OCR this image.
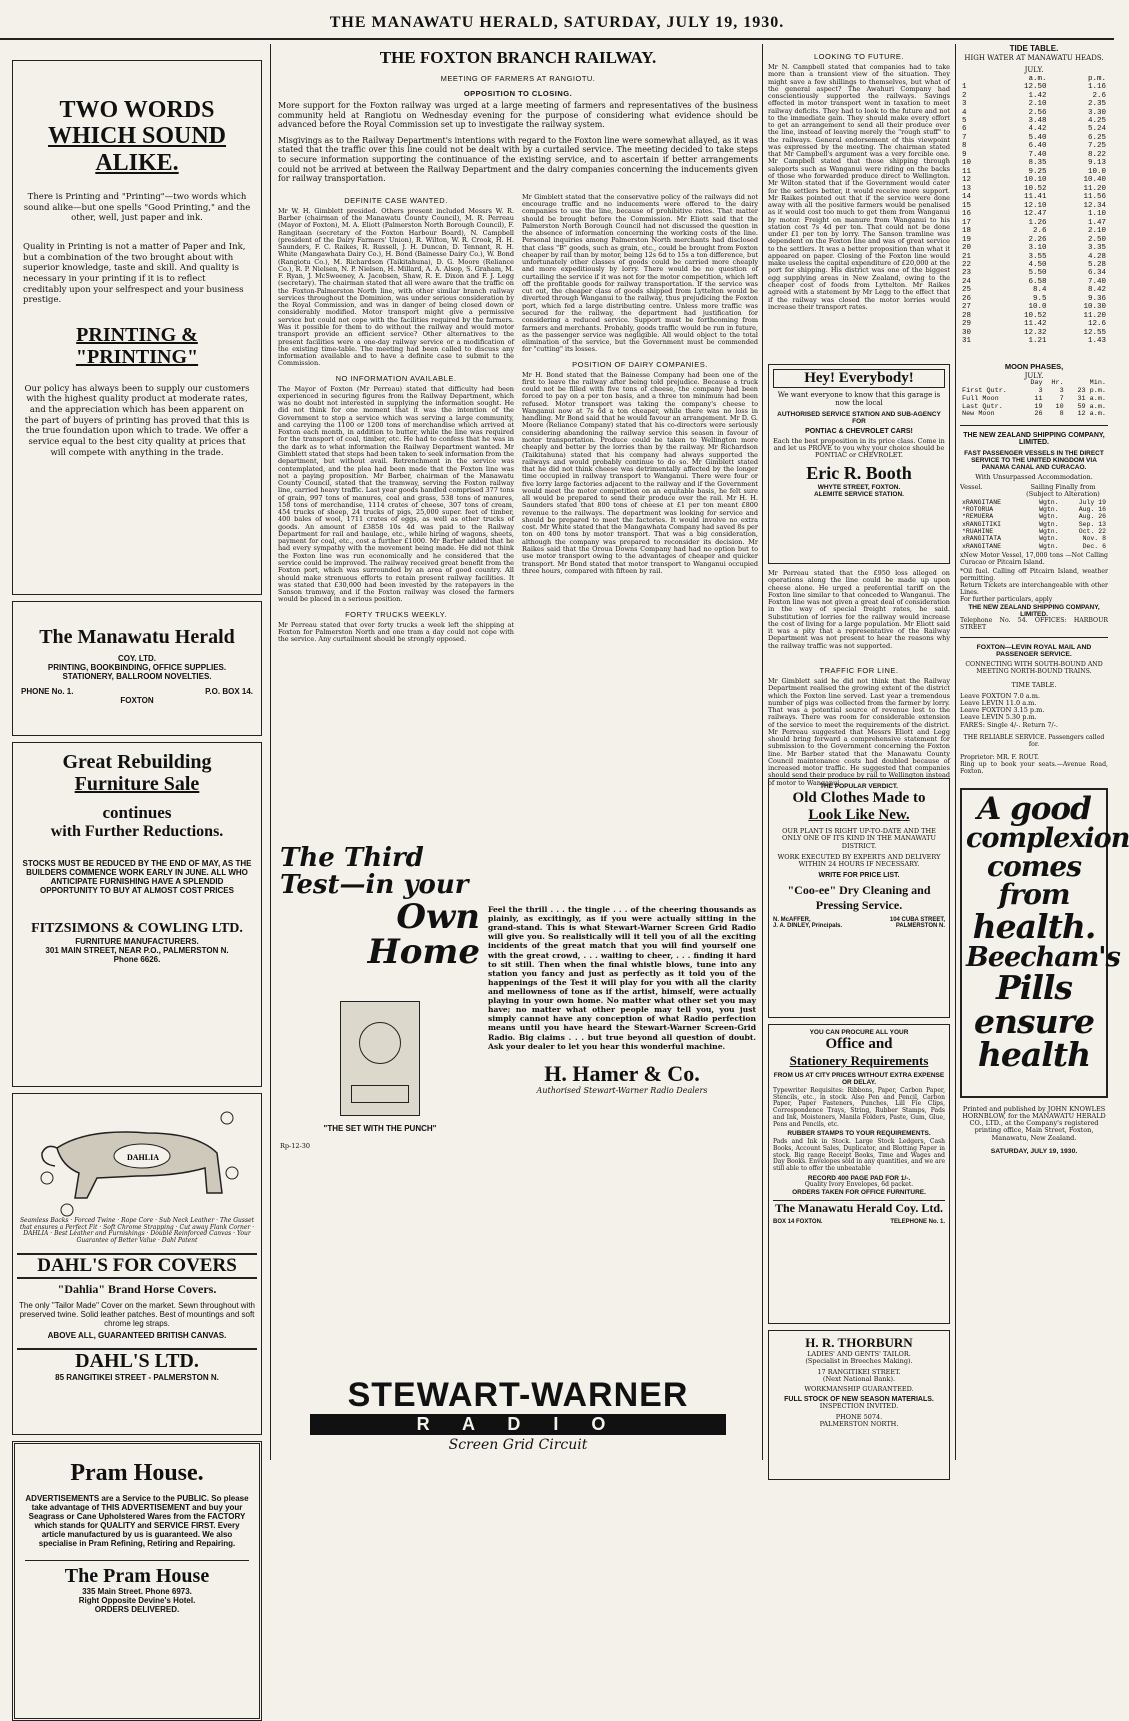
THE MANAWATU HERALD, SATURDAY, JULY 19, 1930.
TWO WORDS
WHICH SOUND ALIKE.

There is Printing and "Printing"—two words which sound alike—but one spells "Good Printing," and the other, well, just paper and ink.

Quality in Printing is not a matter of Paper and Ink, but a combination of the two brought about with superior knowledge, taste and skill. And quality is necessary in your printing if it is to reflect creditably upon your selfrespect and your business prestige.

PRINTING & "PRINTING"

Our policy has always been to supply our customers with the highest quality product at moderate rates, and the appreciation which has been apparent on the part of buyers of printing has proved that this is the true foundation upon which to trade. We offer a service equal to the best city quality at prices that will compete with anything in the trade.

The Manawatu Herald
COY. LTD.
PRINTING, BOOKBINDING, OFFICE SUPPLIES.
STATIONERY, BALLROOM NOVELTIES.
PHONE No. 1.	P.O. BOX 14.
FOXTON
Great Rebuilding
Furniture Sale
continues
with Further Reductions.
STOCKS MUST BE REDUCED BY THE END OF MAY, AS THE BUILDERS COMMENCE WORK EARLY IN JUNE. ALL WHO ANTICIPATE FURNISHING HAVE A SPLENDID OPPORTUNITY TO BUY AT ALMOST COST PRICES
FITZSIMONS & COWLING LTD.
FURNITURE MANUFACTURERS.
301 MAIN STREET, NEAR P.O., PALMERSTON N.
Phone 6626.
DAHLIA
Seamless Backs · Forced Twine · Rope Core · Sub Neck Leather · The Gusset that ensures a Perfect Fit · Soft Chrome Strapping · Cut away Flank Corner · DAHLIA · Best Leather and Furnishings · Double Reinforced Canvas · Your Guarantee of Better Value · Dahl Patent
DAHL'S FOR COVERS
"Dahlia" Brand Horse Covers.
The only "Tailor Made" Cover on the market. Sewn throughout with preserved twine. Solid leather patches. Best of mountings and soft chrome leg straps.
ABOVE ALL, GUARANTEED BRITISH CANVAS.
DAHL'S LTD.
85 RANGITIKEI STREET - PALMERSTON N.
Pram House.
ADVERTISEMENTS are a Service to the PUBLIC. So please take advantage of THIS ADVERTISEMENT and buy your Seagrass or Cane Upholstered Wares from the FACTORY which stands for QUALITY and SERVICE FIRST. Every article manufactured by us is guaranteed. We also specialise in Pram Refining, Retiring and Repairing.
The Pram House
335 Main Street. Phone 6973.
Right Opposite Devine's Hotel.
ORDERS DELIVERED.
THE FOXTON BRANCH RAILWAY.
MEETING OF FARMERS AT RANGIOTU.
OPPOSITION TO CLOSING.

More support for the Foxton railway was urged at a large meeting of farmers and representatives of the business community held at Rangiotu on Wednesday evening for the purpose of considering what evidence should be advanced before the Royal Commission set up to investigate the railway system.

Misgivings as to the Railway Department's intentions with regard to the Foxton line were somewhat allayed, as it was stated that the traffic over this line could not be dealt with by a curtailed service. The meeting decided to take steps to secure information supporting the continuance of the existing service, and to ascertain if better arrangements could not be arrived at between the Railway Department and the dairy companies concerning the inducements given for railway transportation.

DEFINITE CASE WANTED.

Mr W. H. Gimblett presided. Others present included Messrs W. R. Barber (chairman of the Manawatu County Council), M. R. Perreau (Mayor of Foxton), M. A. Eliott (Palmerston North Borough Council), F. Rangitaan (secretary of the Foxton Harbour Board), N. Campbell (president of the Dairy Farmers' Union), R. Wilton, W. R. Crook, H. H. Saunders, F. C. Raikes, R. Russell, J. H. Duncan, D. Tennant, R. H. White (Mangawhata Dairy Co.), H. Bond (Bainesse Dairy Co.), W. Bond (Rangiotu Co.), M. Richardson (Taikitahuna), D. G. Moore (Reliance Co.), R. P. Nielsen, N. P. Nielsen, H. Millard, A. A. Alsop, S. Graham, M. F. Ryan, J. McSweeney, A. Jacobsen, Shaw, R. E. Dixon and F. J. Legg (secretary). The chairman stated that all were aware that the traffic on the Foxton-Palmerston North line, with other similar branch railway services throughout the Dominion, was under serious consideration by the Royal Commission, and was in danger of being closed down or considerably modified. Motor transport might give a permissive service but could not cope with the facilities required by the farmers. Was it possible for them to do without the railway and would motor transport provide an efficient service? Other alternatives to the present facilities were a one-day railway service or a modification of the existing time-table. The meeting had been called to discuss any information available and to have a definite case to submit to the Commission.

NO INFORMATION AVAILABLE.

The Mayor of Foxton (Mr Perreau) stated that difficulty had been experienced in securing figures from the Railway Department, which was no doubt not interested in supplying the information sought. He did not think for one moment that it was the intention of the Government to stop a service which was serving a large community, and carrying the 1100 or 1200 tons of merchandise which arrived at Foxton each month, in addition to butter, while the line was required for the transport of coal, timber, etc. He had to confess that he was in the dark as to what information the Railway Department wanted. Mr Gimblett stated that steps had been taken to seek information from the department, but without avail. Retrenchment in the service was contemplated, and the plea had been made that the Foxton line was not a paying proposition. Mr Barber, chairman of the Manawatu County Council, stated that the tramway, serving the Foxton railway line, carried heavy traffic. Last year goods handled comprised 377 tons of grain, 997 tons of manures, coal and grass, 538 tons of manures, 158 tons of merchandise, 1114 crates of cheese, 307 tons of cream, 454 trucks of sheep, 24 trucks of pigs, 25,000 super. feet of timber, 400 bales of wool, 1711 crates of eggs, as well as other trucks of goods. An amount of £3858 10s 4d was paid to the Railway Department for rail and haulage, etc., while hiring of wagons, sheets, payment for coal, etc., cost a further £1000. Mr Barber added that he had every sympathy with the movement being made. He did not think the Foxton line was run economically and he considered that the service could be improved. The railway received great benefit from the Foxton port, which was surrounded by an area of good country. All should make strenuous efforts to retain present railway facilities. It was stated that £30,000 had been invested by the ratepayers in the Sanson tramway, and if the Foxton railway was closed the farmers would be placed in a serious position.

FORTY TRUCKS WEEKLY.

Mr Perreau stated that over forty trucks a week left the shipping at Foxton for Palmerston North and one tram a day could not cope with the service. Any curtailment should be strongly opposed.

Mr Gimblett stated that the conservative policy of the railways did not encourage traffic and no inducements were offered to the dairy companies to use the line, because of prohibitive rates. That matter should be brought before the Commission. Mr Eliott said that the Palmerston North Borough Council had not discussed the question in the absence of information concerning the working costs of the line. Personal inquiries among Palmerston North merchants had disclosed that class "B" goods, such as grain, etc., could be brought from Foxton cheaper by rail than by motor, being 12s 6d to 15s a ton difference, but unfortunately other classes of goods could be carried more cheaply and more expeditiously by lorry. There would be no question of curtailing the service if it was not for the motor competition, which left off the profitable goods for railway transportation. If the service was cut out, the cheaper class of goods shipped from Lyttelton would be diverted through Wanganui to the railway, thus prejudicing the Foxton port, which fed a large distributing centre. Unless more traffic was secured for the railway, the department had justification for considering a reduced service. Support must be forthcoming from farmers and merchants. Probably, goods traffic would be run in future, as the passenger service was negligible. All would object to the total elimination of the service, but the Government must be commended for "cutting" its losses.

POSITION OF DAIRY COMPANIES.

Mr H. Bond stated that the Bainesse Company had been one of the first to leave the railway after being told prejudice. Because a truck could not be filled with five tons of cheese, the company had been forced to pay on a per ton basis, and a three ton minimum had been refused. Motor transport was taking the company's cheese to Wanganui now at 7s 6d a ton cheaper, while there was no loss in handling. Mr Bond said that he would favour an arrangement. Mr D. G. Moore (Reliance Company) stated that his co-directors were seriously considering abandoning the railway service this season in favour of motor transportation. Produce could be taken to Wellington more cheaply and better by the lorries than by the railway. Mr Richardson (Taikitahuna) stated that his company had always supported the railways and would probably continue to do so. Mr Gimblett stated that he did not think cheese was detrimentally affected by the longer time occupied in railway transport to Wanganui. There were four or five lorry large factories adjacent to the railway and if the Government would meet the motor competition on an equitable basis, he felt sure all would be prepared to send their produce over the rail. Mr H. H. Saunders stated that 800 tons of cheese at £1 per ton meant £800 revenue to the railways. The department was looking for service and should be prepared to meet the factories. It would involve no extra cost. Mr White stated that the Mangawhata Company had saved 8s per ton on 400 tons by motor transport. That was a big consideration, although the company was prepared to reconsider its decision. Mr Raikes said that the Oroua Downs Company had had no option but to use motor transport owing to the advantages of cheaper and quicker transport. Mr Bond stated that motor transport to Wanganui occupied three hours, compared with fifteen by rail.

The Third Test—in your
Own Home
"THE SET WITH THE PUNCH"
Rp-12-30

Feel the thrill . . . the tingle . . . of the cheering thousands as plainly, as excitingly, as if you were actually sitting in the grand-stand. This is what Stewart-Warner Screen Grid Radio will give you. So realistically will it tell you of all the exciting incidents of the great match that you will find yourself one with the great crowd, . . . waiting to cheer, . . . finding it hard to sit still. Then when the final whistle blows, tune into any station you fancy and just as perfectly as it told you of the happenings of the Test it will play for you with all the clarity and mellowness of tone as if the artist, himself, were actually playing in your own home. No matter what other set you may have; no matter what other people may tell you, you just simply cannot have any conception of what Radio perfection means until you have heard the Stewart-Warner Screen-Grid Radio. Big claims . . . but true beyond all question of doubt. Ask your dealer to let you hear this wonderful machine.

H. Hamer & Co.
Authorised Stewart-Warner Radio Dealers
STEWART-WARNER
R A D I O
Screen Grid Circuit
LOOKING TO FUTURE.

Mr N. Campbell stated that companies had to take more than a transient view of the situation. They might save a few shillings to themselves, but what of the general aspect? The Awahuri Company had conscientiously supported the railways. Savings effected in motor transport went in taxation to meet railway deficits. They had to look to the future and not to the immediate gain. They should make every effort to get an arrangement to send all their produce over the line, instead of leaving merely the "rough stuff" to the railways. General endorsement of this viewpoint was expressed by the meeting. The chairman stated that Mr Campbell's argument was a very forcible one. Mr Campbell stated that those shipping through saleports such as Wanganui were riding on the backs of those who forwarded produce direct to Wellington. Mr Wilton stated that if the Government would cater for the settlers better, it would receive more support. Mr Raikes pointed out that if the service were done away with all the positive farmers would be penalised as it would cost too much to get them from Wanganui by motor. Freight on manure from Wanganui to his station cost 7s 4d per ton. That could not be done under £1 per ton by lorry. The Sanson tramline was dependent on the Foxton line and was of great service to the settlers. It was a better proposition than what it appeared on paper. Closing of the Foxton line would make useless the capital expenditure of £20,000 at the port for shipping. His district was one of the biggest egg supplying areas in New Zealand, owing to the cheaper cost of foods from Lyttelton. Mr Raikes agreed with a statement by Mr Legg to the effect that if the railway was closed the motor lorries would increase their transport rates.

Hey! Everybody!
We want everyone to know that this garage is now the local
AUTHORISED SERVICE STATION AND SUB-AGENCY FOR
PONTIAC & CHEVROLET CARS!
Each the best proposition in its price class. Come in and let us PROVE to you why your choice should be PONTIAC or CHEVROLET.
Eric R. Booth
WHYTE STREET, FOXTON.
ALEMITE SERVICE STATION.

Mr Perreau stated that the £950 loss alleged on operations along the line could be made up upon cheese alone. He urged a preferential tariff on the Foxton line similar to that conceded to Wanganui. The Foxton line was not given a great deal of consideration in the way of special freight rates, he said. Substitution of lorries for the railway would increase the cost of living for a large population. Mr Eliott said it was a pity that a representative of the Railway Department was not present to hear the reasons why the railway traffic was not supported.

TRAFFIC FOR LINE.

Mr Gimblett said he did not think that the Railway Department realised the growing extent of the district which the Foxton line served. Last year a tremendous number of pigs was collected from the farmer by lorry. That was a potential source of revenue lost to the railways. There was room for considerable extension of the service to meet the requirements of the district. Mr Perreau suggested that Messrs Eliott and Legg should bring forward a comprehensive statement for submission to the Government concerning the Foxton line. Mr Barber stated that the Manawatu County Council maintenance costs had doubled because of increased motor traffic. He suggested that companies should send their produce by rail to Wellington instead of motor to Wanganui.

THE POPULAR VERDICT.
Old Clothes Made to
Look Like New.
OUR PLANT IS RIGHT UP-TO-DATE AND THE ONLY ONE OF ITS KIND IN THE MANAWATU DISTRICT.
WORK EXECUTED BY EXPERTS AND DELIVERY WITHIN 24 HOURS IF NECESSARY.
WRITE FOR PRICE LIST.
"Coo-ee" Dry Cleaning and Pressing Service.
N. McAFFER,	104 CUBA STREET,
J. A. DINLEY, Principals.	PALMERSTON N.
YOU CAN PROCURE ALL YOUR
Office and
Stationery Requirements
FROM US AT CITY PRICES WITHOUT EXTRA EXPENSE OR DELAY.
Typewriter Requisites: Ribbons, Paper, Carbon Paper, Stencils, etc., in stock. Also Pen and Pencil, Carbon Paper, Paper Fasteners, Punches, Lill Fie Clips, Correspondence Trays, String, Rubber Stamps, Pads and Ink, Moisteners, Manila Folders, Paste, Gum, Glue, Pens and Pencils, etc.
RUBBER STAMPS TO YOUR REQUIREMENTS.
Pads and Ink in Stock. Large Stock Ledgers, Cash Books, Account Sales, Duplicator, and Blotting Paper in stock. Big range Receipt Books, Time and Wages and Day Books. Envelopes sold in any quantities, and we are still able to offer the unbeatable
RECORD 400 PAGE PAD FOR 1/-.
Quality Ivory Envelopes, 6d packet.
ORDERS TAKEN FOR OFFICE FURNITURE.
The Manawatu Herald Coy. Ltd.
BOX 14 FOXTON.	TELEPHONE No. 1.
H. R. THORBURN
LADIES' AND GENTS' TAILOR.
(Specialist in Breeches Making).
17 RANGITIKEI STREET.
(Next National Bank).
WORKMANSHIP GUARANTEED.
FULL STOCK OF NEW SEASON MATERIALS.
INSPECTION INVITED.
PHONE 5074.
PALMERSTON NORTH.
TIDE TABLE.
HIGH WATER AT MANAWATU HEADS.
JULY.
	a.m.	p.m.
1	12.50	1.16
2	1.42	2.6
3	2.10	2.35
4	2.56	3.30
5	3.48	4.25
6	4.42	5.24
7	5.40	6.25
8	6.40	7.25
9	7.40	8.22
10	8.35	9.13
11	9.25	10.0
12	10.10	10.40
13	10.52	11.20
14	11.41	11.56
15	12.10	12.34
16	12.47	1.10
17	1.26	1.47
18	2.6	2.10
19	2.26	2.50
20	3.10	3.35
21	3.55	4.28
22	4.50	5.28
23	5.50	6.34
24	6.58	7.40
25	8.4	8.42
26	9.5	9.36
27	10.0	10.30
28	10.52	11.20
29	11.42	12.6
30	12.32	12.55
31	1.21	1.43
MOON PHASES,
JULY.
	Day	Hr.	Min.
First Qutr.	3	3	23 p.m.
Full Moon	11	7	31 a.m.
Last Qutr.	19	10	59 a.m.
New Moon	26	8	12 a.m.
THE NEW ZEALAND SHIPPING COMPANY, LIMITED.
FAST PASSENGER VESSELS IN THE DIRECT SERVICE TO THE UNITED KINGDOM VIA PANAMA CANAL AND CURACAO.
With Unsurpassed Accommodation.
Vessel.	Sailing Finally from (Subject to Alteration)
xRANGITANE	Wgtn.	July 19
*ROTORUA	Wgtn.	Aug. 16
*REMUERA	Wgtn.	Aug. 26
xRANGITIKI	Wgtn.	Sep. 13
*RUAHINE	Wgtn.	Oct. 22
xRANGITATA	Wgtn.	Nov. 8
xRANGITANE	Wgtn.	Dec. 6
xNew Motor Vessel, 17,000 tons —Not Calling Curacao or Pitcairn Island.
*Oil fuel. Calling off Pitcairn Island, weather permitting.
Return Tickets are interchangeable with other Lines.
For further particulars, apply
THE NEW ZEALAND SHIPPING COMPANY, LIMITED.
Telephone No. 54. OFFICES: HARBOUR STREET
FOXTON—LEVIN ROYAL MAIL AND PASSENGER SERVICE.
CONNECTING WITH SOUTH-BOUND AND MEETING NORTH-BOUND TRAINS.
TIME TABLE.
Leave FOXTON 7.0 a.m.
Leave LEVIN 11.0 a.m.
Leave FOXTON 3.15 p.m.
Leave LEVIN 5.30 p.m.
FARES: Single 4/-. Return 7/-.
THE RELIABLE SERVICE. Passengers called for.
Proprietor: MR. F. ROUT.
Ring up to book your seats.—Avenue Road, Foxton.
A good
complexion
comes from
health.
Beecham's
Pills
ensure
health
Printed and published by JOHN KNOWLES HORNBLOW, for the MANAWATU HERALD CO., LTD., at the Company's registered printing office, Main Street, Foxton, Manawatu, New Zealand.
SATURDAY, JULY 19, 1930.
